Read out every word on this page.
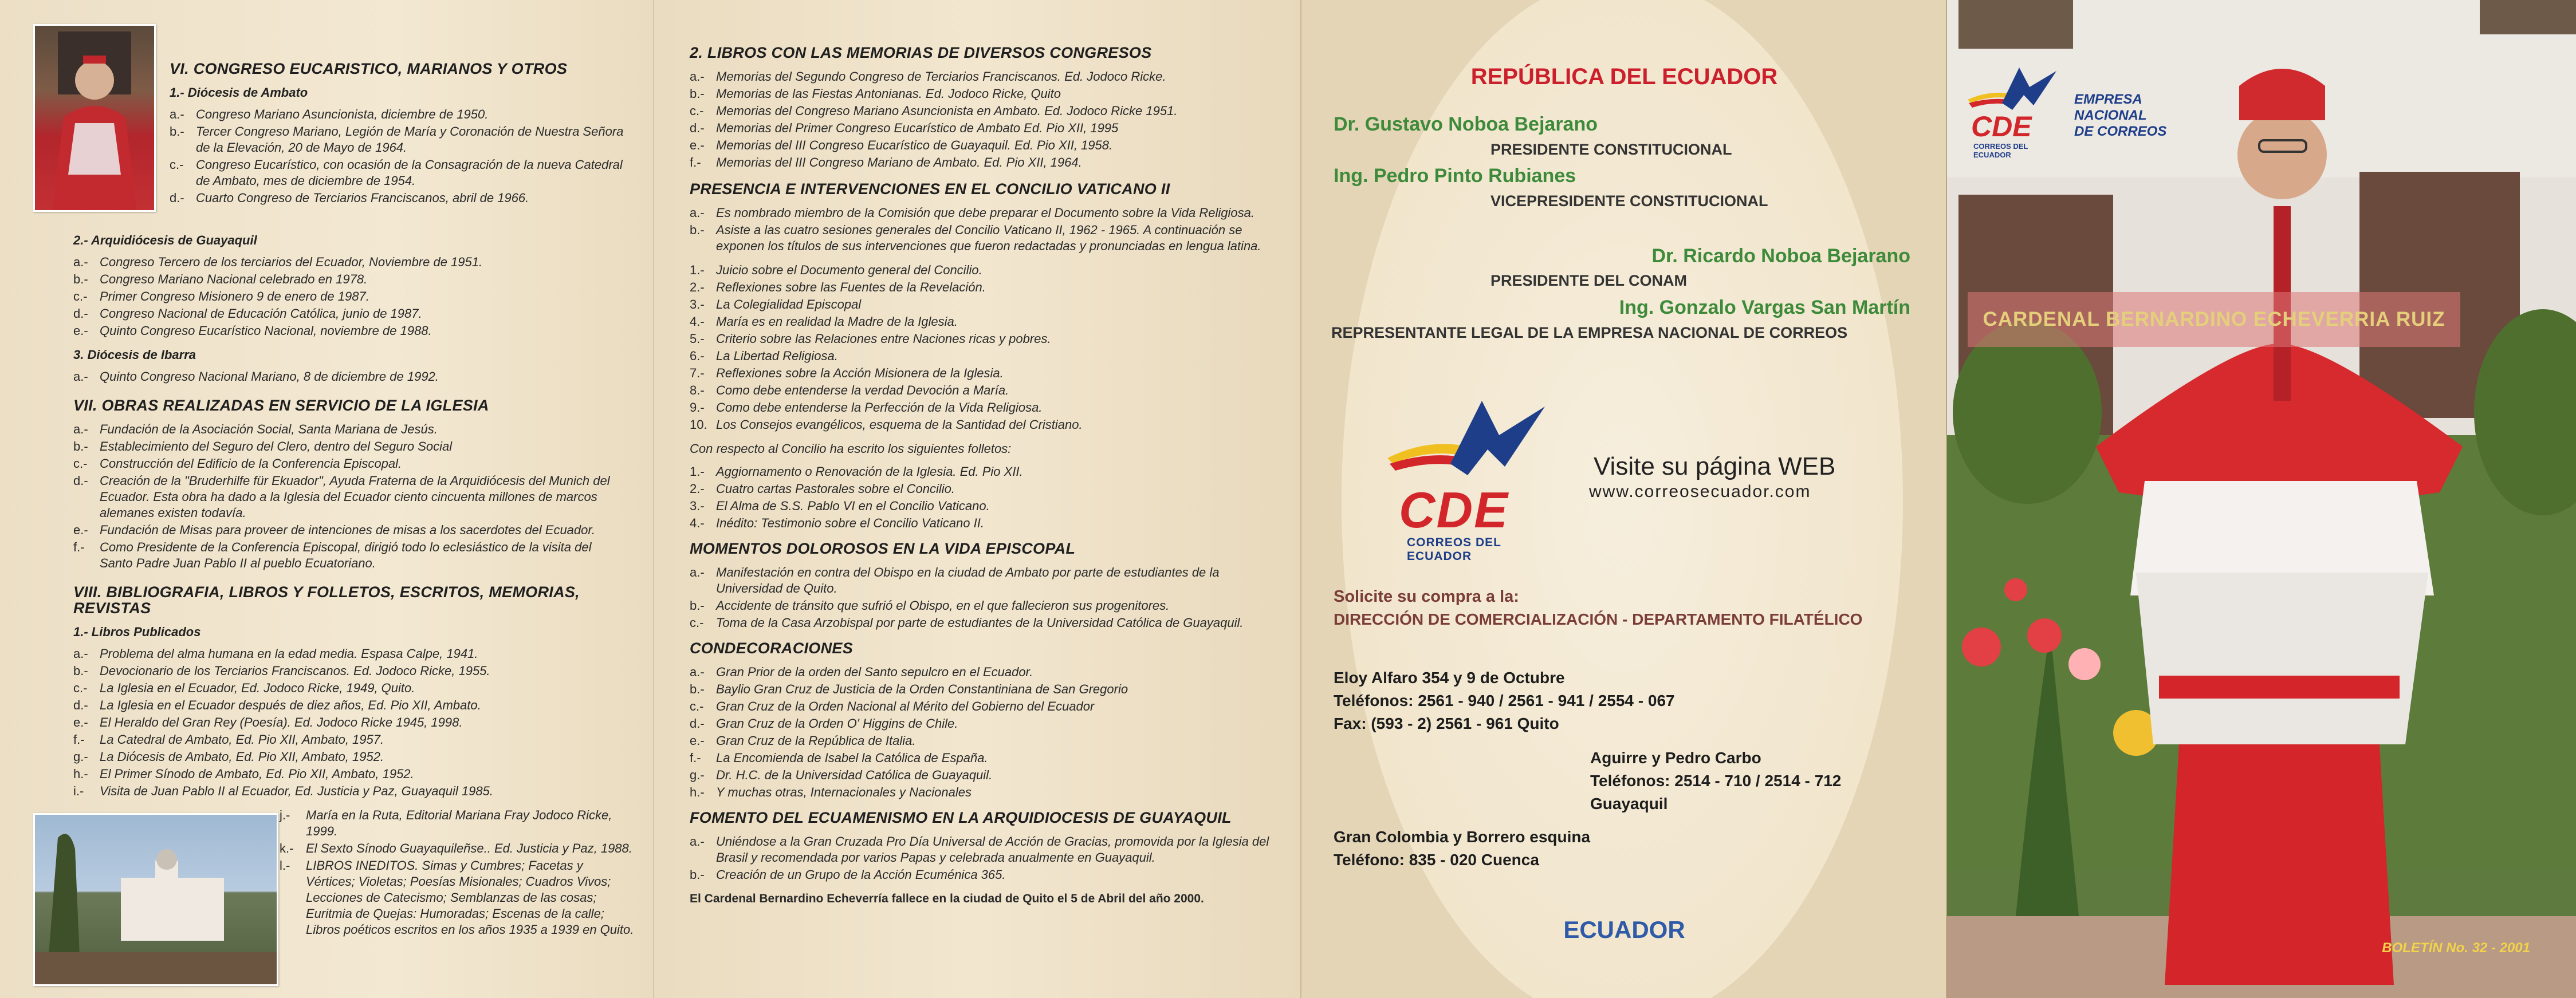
VI. CONGRESO EUCARISTICO, MARIANOS Y OTROS
1.- Diócesis de Ambato
a.- Congreso Mariano Asuncionista, diciembre de 1950.
b.- Tercer Congreso Mariano, Legión de María y Coronación de Nuestra Señora de la Elevación, 20 de Mayo de 1964.
c.- Congreso Eucarístico, con ocasión de la Consagración de la nueva Catedral de Ambato, mes de diciembre de 1954.
d.- Cuarto Congreso de Terciarios Franciscanos, abril de 1966.
2.- Arquidiócesis de Guayaquil
a.- Congreso Tercero de los terciarios del Ecuador, Noviembre de 1951.
b.- Congreso Mariano Nacional celebrado en 1978.
c.- Primer Congreso Misionero 9 de enero de 1987.
d.- Congreso Nacional de Educación Católica, junio de 1987.
e.- Quinto Congreso Eucarístico Nacional, noviembre de 1988.
3. Diócesis de Ibarra
a.- Quinto Congreso Nacional Mariano, 8 de diciembre de 1992.
VII. OBRAS REALIZADAS EN SERVICIO DE LA IGLESIA
a.- Fundación de la Asociación Social, Santa Mariana de Jesús.
b.- Establecimiento del Seguro del Clero, dentro del Seguro Social
c.- Construcción del Edificio de la Conferencia Episcopal.
d.- Creación de la "Bruderhilfe für Ekuador", Ayuda Fraterna de la Arquidiócesis del Munich del Ecuador. Esta obra ha dado a la Iglesia del Ecuador ciento cincuenta millones de marcos alemanes existen todavía.
e.- Fundación de Misas para proveer de intenciones de misas a los sacerdotes del Ecuador.
f.-	Como Presidente de la Conferencia Episcopal, dirigió todo lo eclesiástico de la visita del Santo Padre Juan Pablo II al pueblo Ecuatoriano.
VIII. BIBLIOGRAFIA, LIBROS Y FOLLETOS, ESCRITOS, MEMORIAS, REVISTAS
1.- Libros Publicados
a.- Problema del alma humana en la edad media. Espasa Calpe, 1941.
b.- Devocionario de los Terciarios Franciscanos. Ed. Jodoco Ricke, 1955.
c.- La Iglesia en el Ecuador, Ed. Jodoco Ricke, 1949, Quito.
d.- La Iglesia en el Ecuador después de diez años, Ed. Pio XII, Ambato.
e.- El Heraldo del Gran Rey (Poesía). Ed. Jodoco Ricke 1945, 1998.
f.-	La Catedral de Ambato, Ed. Pio XII, Ambato, 1957.
g.- La Diócesis de Ambato, Ed. Pio XII, Ambato, 1952.
h.- El Primer Sínodo de Ambato, Ed. Pio XII, Ambato, 1952.
i.-	Visita de Juan Pablo II al Ecuador, Ed. Justicia y Paz, Guayaquil 1985.
j.-	María en la Ruta, Editorial Mariana Fray Jodoco Ricke, 1999.
k.- El Sexto Sínodo Guayaquileñse.. Ed. Justicia y Paz, 1988.
l.-	LIBROS INEDITOS. Simas y Cumbres; Facetas y Vértices; Violetas; Poesías Misionales; Cuadros Vivos; Lecciones de Catecismo; Semblanzas de las cosas; Euritmia de Quejas: Humoradas; Escenas de la calle; Libros poéticos escritos en los años 1935 a 1939 en Quito.
2. LIBROS CON LAS MEMORIAS DE DIVERSOS CONGRESOS
a.- Memorias del Segundo Congreso de Terciarios Franciscanos. Ed. Jodoco Ricke.
b.- Memorias de las Fiestas Antonianas. Ed. Jodoco Ricke, Quito
c.- Memorias del Congreso Mariano Asuncionista en Ambato. Ed. Jodoco Ricke 1951.
d.- Memorias del Primer Congreso Eucarístico de Ambato Ed. Pio XII, 1995
e.- Memorias del III Congreso Eucarístico de Guayaquil. Ed. Pio XII, 1958.
f.-	Memorias del III Congreso Mariano de Ambato. Ed. Pio XII, 1964.
PRESENCIA E INTERVENCIONES EN EL CONCILIO VATICANO II
a.- Es nombrado miembro de la Comisión que debe preparar el Documento sobre la Vida Religiosa.
b.- Asiste a las cuatro sesiones generales del Concilio Vaticano II, 1962 - 1965. A continuación se exponen los títulos de sus intervenciones que fueron redactadas y pronunciadas en lengua latina.
1.- Juicio sobre el Documento general del Concilio.
2.- Reflexiones sobre las Fuentes de la Revelación.
3.- La Colegialidad Episcopal
4.- María es en realidad la Madre de la Iglesia.
5.- Criterio sobre las Relaciones entre Naciones ricas y pobres.
6.- La Libertad Religiosa.
7.- Reflexiones sobre la Acción Misionera de la Iglesia.
8.- Como debe entenderse la verdad Devoción a María.
9.- Como debe entenderse la Perfección de la Vida Religiosa.
10. Los Consejos evangélicos, esquema de la Santidad del Cristiano.
Con respecto al Concilio ha escrito los siguientes folletos:
1.- Aggiornamento o Renovación de la Iglesia. Ed. Pio XII.
2.- Cuatro cartas Pastorales sobre el Concilio.
3.- El Alma de S.S. Pablo VI en el Concilio Vaticano.
4.- Inédito: Testimonio sobre el Concilio Vaticano II.
MOMENTOS DOLOROSOS EN LA VIDA EPISCOPAL
a.- Manifestación en contra del Obispo en la ciudad de Ambato por parte de estudiantes de la Universidad de Quito.
b.- Accidente de tránsito que sufrió el Obispo, en el que fallecieron sus progenitores.
c.- Toma de la Casa Arzobispal por parte de estudiantes de la Universidad Católica de Guayaquil.
CONDECORACIONES
a.- Gran Prior de la orden del Santo sepulcro en el Ecuador.
b.- Baylio Gran Cruz de Justicia de la Orden Constantiniana de San Gregorio
c.- Gran Cruz de la Orden Nacional al Mérito del Gobierno del Ecuador
d.- Gran Cruz de la Orden O' Higgins de Chile.
e.- Gran Cruz de la República de Italia.
f.-	La Encomienda de Isabel la Católica de España.
g.- Dr. H.C. de la Universidad Católica de Guayaquil.
h.- Y muchas otras, Internacionales y Nacionales
FOMENTO DEL ECUAMENISMO EN LA ARQUIDIOCESIS DE GUAYAQUIL
a.- Uniéndose a la Gran Cruzada Pro Día Universal de Acción de Gracias, promovida por la Iglesia del Brasil y recomendada por varios Papas y celebrada anualmente en Guayaquil.
b.- Creación de un Grupo de la Acción Ecuménica 365.
El Cardenal Bernardino Echeverría fallece en la ciudad de Quito el 5 de Abril del año 2000.
REPÚBLICA DEL ECUADOR
Dr. Gustavo Noboa Bejarano
PRESIDENTE CONSTITUCIONAL
Ing. Pedro Pinto Rubianes
VICEPRESIDENTE CONSTITUCIONAL
Dr. Ricardo Noboa Bejarano
PRESIDENTE DEL CONAM
Ing. Gonzalo Vargas San Martín
REPRESENTANTE LEGAL DE LA EMPRESA NACIONAL DE CORREOS
CDE
CORREOS DEL ECUADOR
Visite su página WEB
www.correosecuador.com
Solicite su compra a la:
DIRECCIÓN DE COMERCIALIZACIÓN - DEPARTAMENTO FILATÉLICO
Eloy Alfaro 354 y 9 de Octubre
Teléfonos: 2561 - 940 / 2561 - 941 / 2554 - 067
Fax: (593 - 2) 2561 - 961 Quito
Aguirre y Pedro Carbo
Teléfonos: 2514 - 710 / 2514 - 712
Guayaquil
Gran Colombia y Borrero esquina
Teléfono: 835 - 020 Cuenca
ECUADOR
CDE
CORREOS DEL ECUADOR
EMPRESA
NACIONAL
DE CORREOS
CARDENAL BERNARDINO ECHEVERRIA RUIZ
BOLETÍN No. 32 - 2001
